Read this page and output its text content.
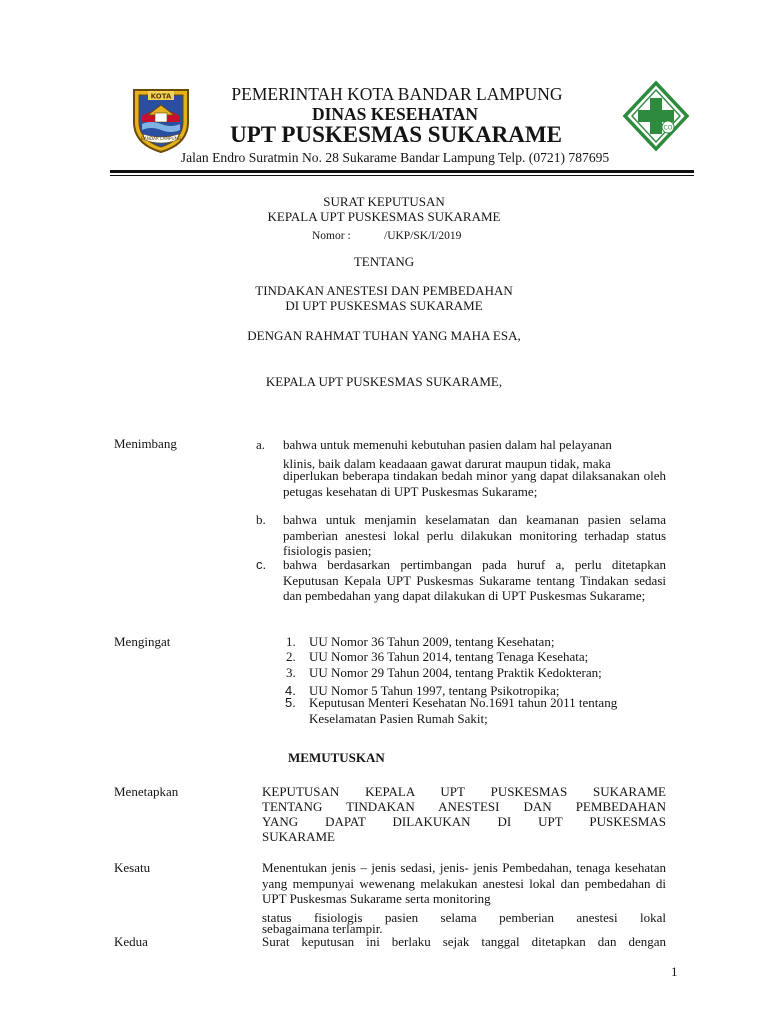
KOTA
BANDAR LAMPUNG
CO
PEMERINTAH KOTA BANDAR LAMPUNG
DINAS KESEHATAN
UPT PUSKESMAS SUKARAME
Jalan Endro Suratmin No. 28 Sukarame Bandar Lampung Telp. (0721) 787695
SURAT KEPUTUSAN
KEPALA UPT PUSKESMAS SUKARAME
Nomor :	/UKP/SK/I/2019
TENTANG
TINDAKAN ANESTESI DAN PEMBEDAHAN
DI UPT PUSKESMAS SUKARAME
DENGAN RAHMAT TUHAN YANG MAHA ESA,
KEPALA UPT PUSKESMAS SUKARAME,
Menimbang	a. bahwa untuk memenuhi kebutuhan pasien dalam hal pelayanan
klinis, baik dalam keadaaan gawat darurat maupun tidak, maka
diperlukan beberapa tindakan bedah minor yang dapat dilaksanakan oleh petugas kesehatan di UPT Puskesmas Sukarame;
b. bahwa untuk menjamin keselamatan dan keamanan pasien selama pamberian anestesi lokal perlu dilakukan monitoring terhadap status fisiologis pasien;
c. bahwa berdasarkan pertimbangan pada huruf a, perlu ditetapkan Keputusan Kepala UPT Puskesmas Sukarame tentang Tindakan sedasi dan pembedahan yang dapat dilakukan di UPT Puskesmas Sukarame;
Mengingat	1. UU Nomor 36 Tahun 2009, tentang Kesehatan;
2. UU Nomor 36 Tahun 2014, tentang Tenaga Kesehata;
3. UU Nomor 29 Tahun 2004, tentang Praktik Kedokteran;
4. UU Nomor 5 Tahun 1997, tentang Psikotropika;
5. Keputusan Menteri Kesehatan No.1691 tahun 2011 tentang
Keselamatan Pasien Rumah Sakit;
MEMUTUSKAN
Menetapkan	KEPUTUSAN KEPALA UPT PUSKESMAS SUKARAME
TENTANG TINDAKAN ANESTESI DAN PEMBEDAHAN
YANG DAPAT DILAKUKAN DI UPT PUSKESMAS
SUKARAME
Kesatu	Menentukan jenis – jenis sedasi, jenis- jenis Pembedahan, tenaga kesehatan yang mempunyai wewenang melakukan anestesi lokal dan pembedahan di UPT Puskesmas Sukarame serta monitoring
status fisiologis pasien selama pemberian anestesi lokal
sebagaimana terlampir.
Kedua	Surat keputusan ini berlaku sejak tanggal ditetapkan dan dengan
1
